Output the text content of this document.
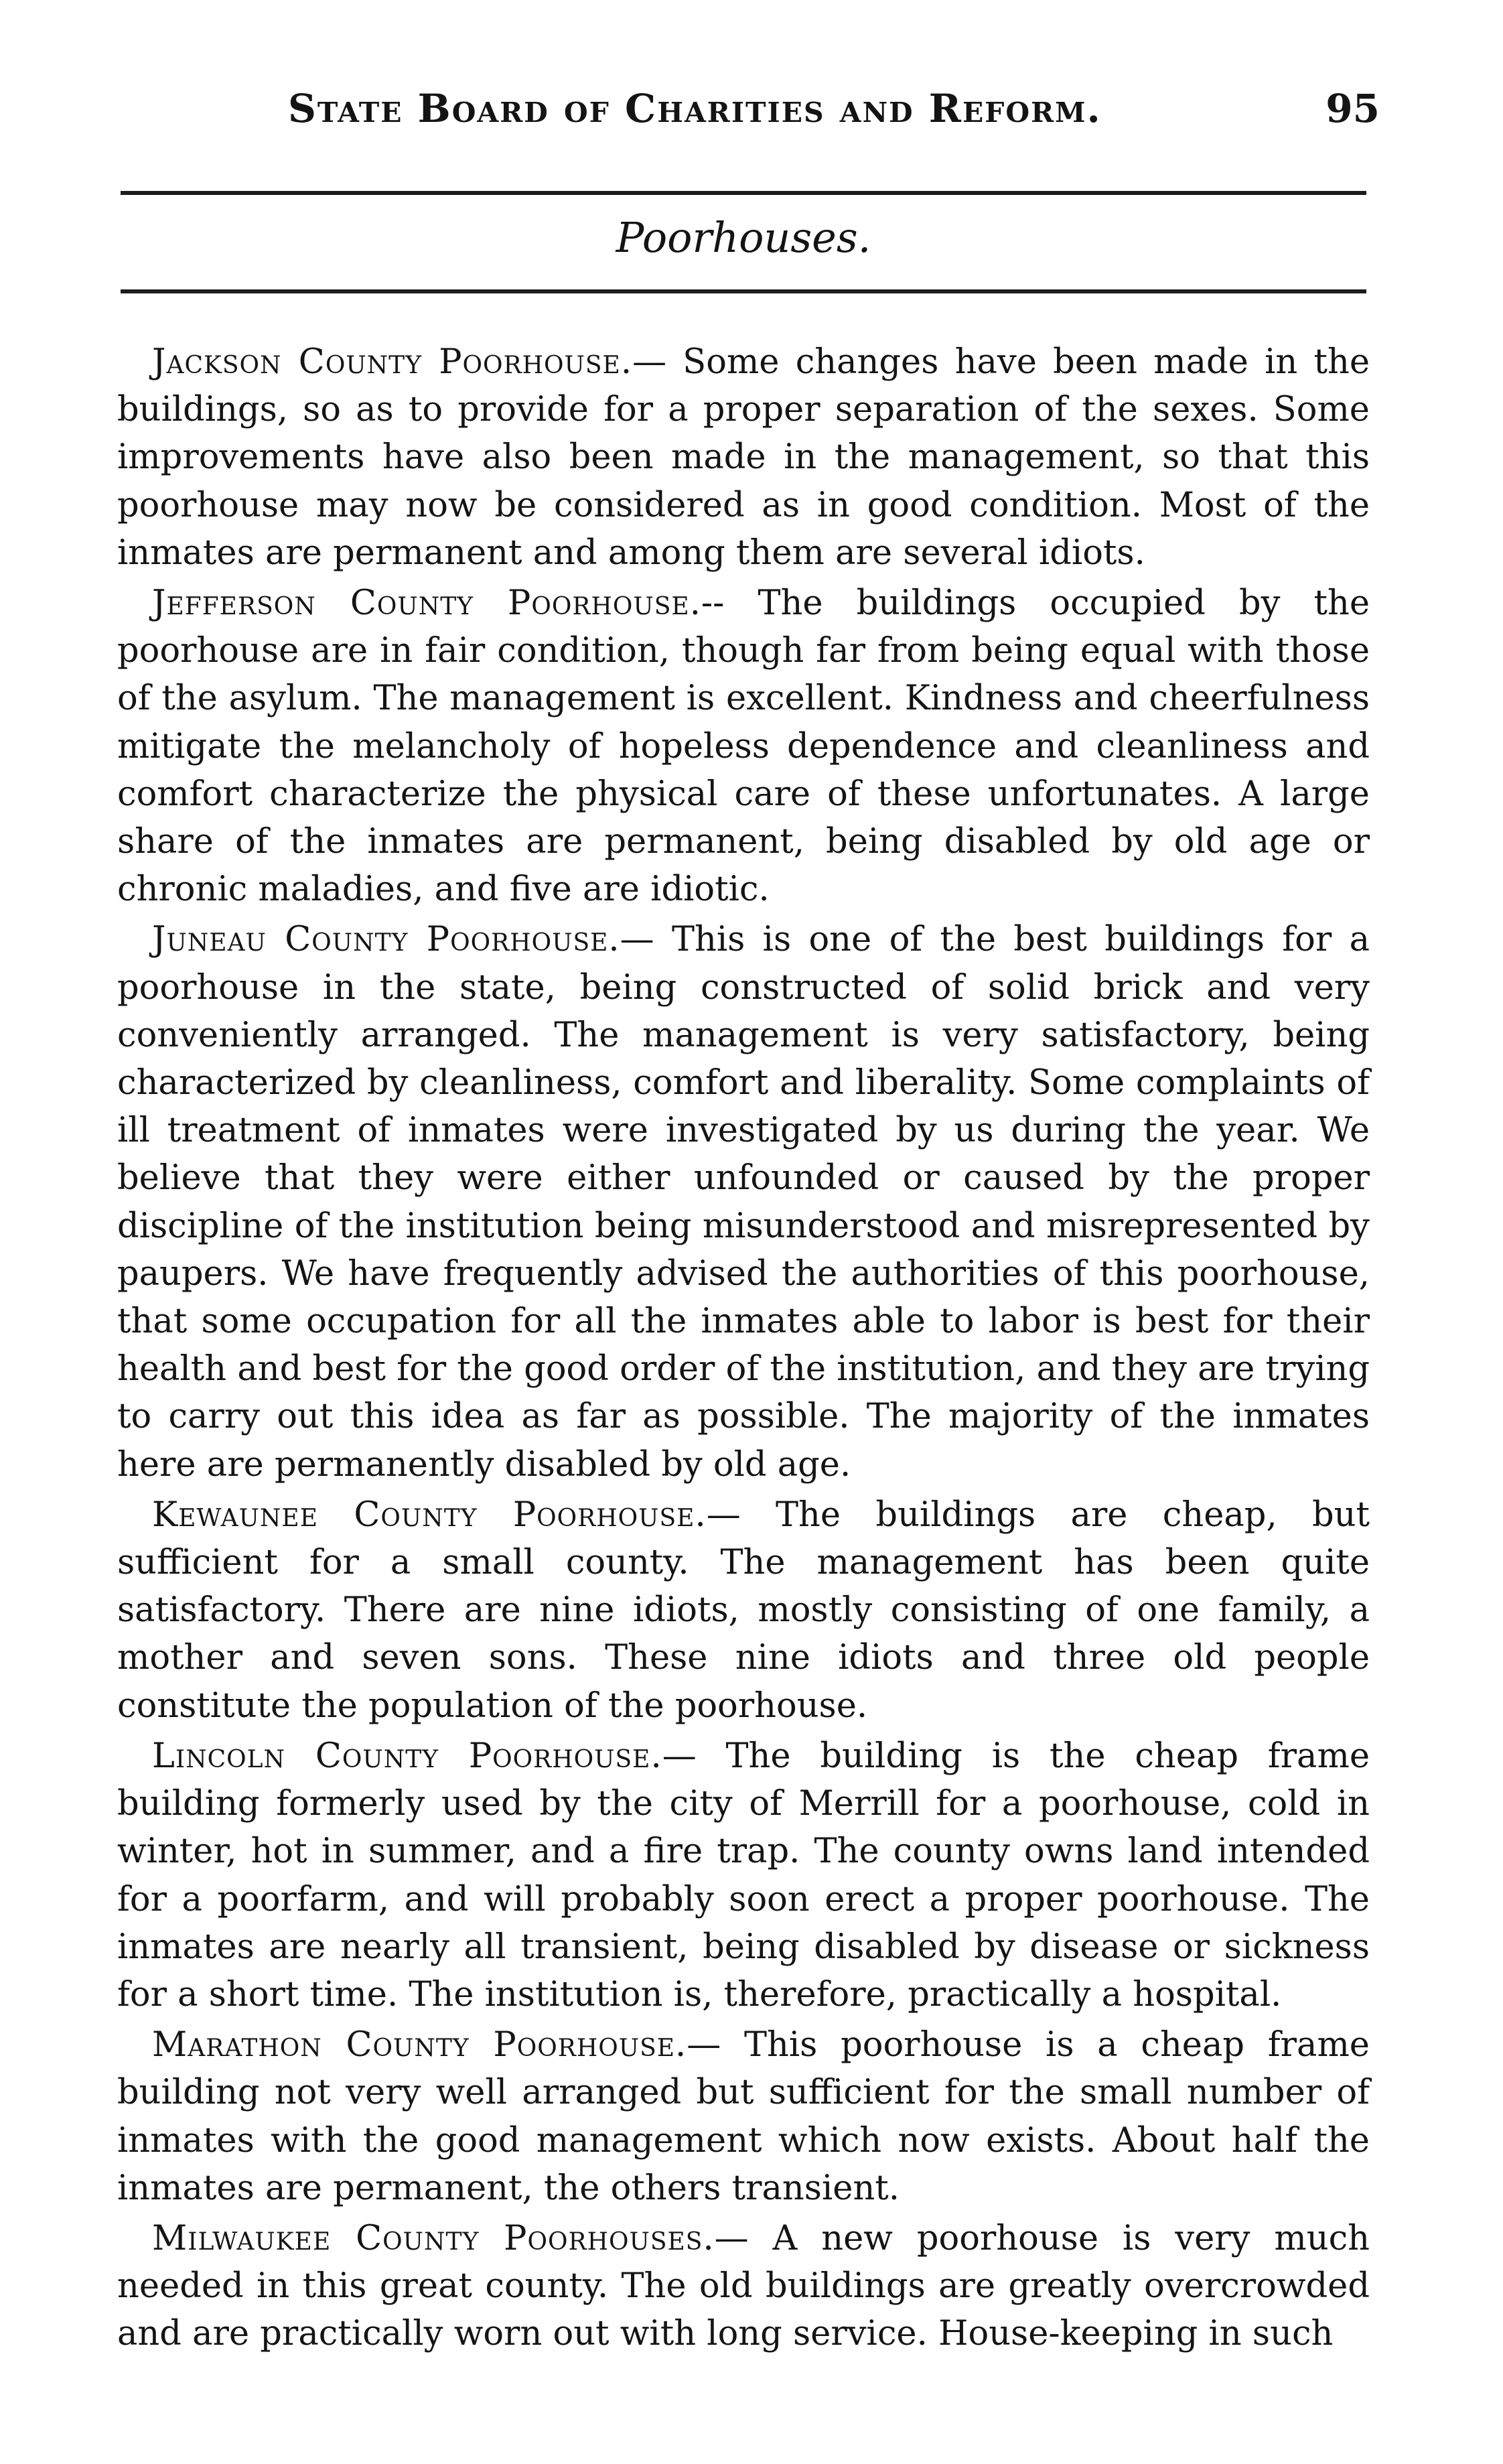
State Board of Charities and Reform.	95
Poorhouses.

Jackson County Poorhouse.— Some changes have been made in the buildings, so as to provide for a proper separation of the sexes. Some improvements have also been made in the management, so that this poorhouse may now be considered as in good condition. Most of the inmates are permanent and among them are several idiots.

Jefferson County Poorhouse.-- The buildings occupied by the poorhouse are in fair condition, though far from being equal with those of the asylum. The management is excellent. Kindness and cheerfulness mitigate the melancholy of hopeless dependence and cleanliness and comfort characterize the physical care of these unfortunates. A large share of the inmates are permanent, being disabled by old age or chronic maladies, and five are idiotic.

Juneau County Poorhouse.— This is one of the best buildings for a poorhouse in the state, being constructed of solid brick and very conveniently arranged. The management is very satisfactory, being characterized by cleanliness, comfort and liberality. Some complaints of ill treatment of inmates were investigated by us during the year. We believe that they were either unfounded or caused by the proper discipline of the institution being misunderstood and misrepresented by paupers. We have frequently advised the authorities of this poorhouse, that some occupation for all the inmates able to labor is best for their health and best for the good order of the institution, and they are trying to carry out this idea as far as possible. The majority of the inmates here are permanently disabled by old age.

Kewaunee County Poorhouse.— The buildings are cheap, but sufficient for a small county. The management has been quite satisfactory. There are nine idiots, mostly consisting of one family, a mother and seven sons. These nine idiots and three old people constitute the population of the poorhouse.

Lincoln County Poorhouse.— The building is the cheap frame building formerly used by the city of Merrill for a poorhouse, cold in winter, hot in summer, and a fire trap. The county owns land intended for a poorfarm, and will probably soon erect a proper poorhouse. The inmates are nearly all transient, being disabled by disease or sickness for a short time. The institution is, therefore, practically a hospital.

Marathon County Poorhouse.— This poorhouse is a cheap frame building not very well arranged but sufficient for the small number of inmates with the good management which now exists. About half the inmates are permanent, the others transient.

Milwaukee County Poorhouses.— A new poorhouse is very much needed in this great county. The old buildings are greatly overcrowded and are practically worn out with long service. House-keeping in such
